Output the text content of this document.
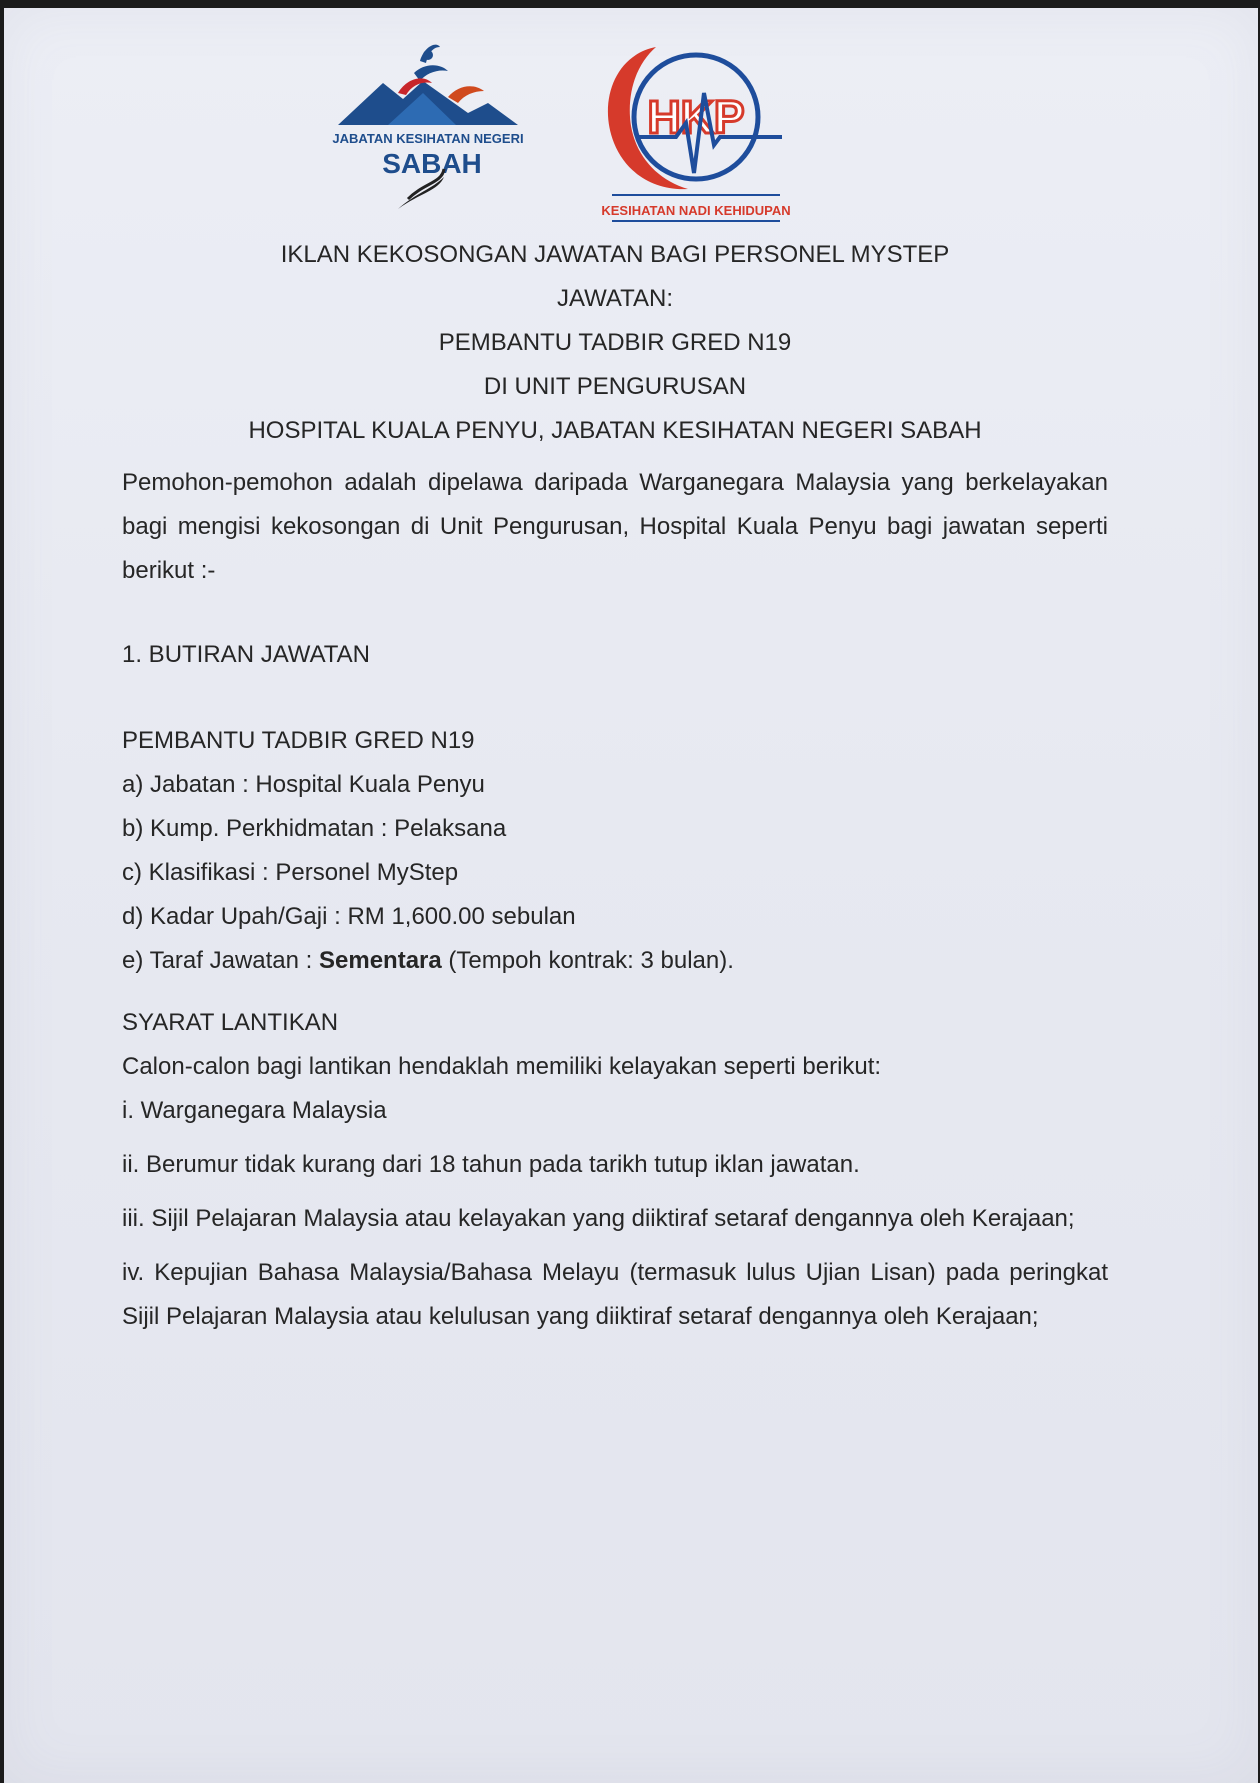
JABATAN KESIHATAN NEGERI
SABAH
HKP
KESIHATAN NADI KEHIDUPAN
IKLAN KEKOSONGAN JAWATAN BAGI PERSONEL MYSTEP
JAWATAN:
PEMBANTU TADBIR GRED N19
DI UNIT PENGURUSAN
HOSPITAL KUALA PENYU, JABATAN KESIHATAN NEGERI SABAH

Pemohon-pemohon adalah dipelawa daripada Warganegara Malaysia yang berkelayakan bagi mengisi kekosongan di Unit Pengurusan, Hospital Kuala Penyu bagi jawatan seperti berikut :-

1. BUTIRAN JAWATAN
PEMBANTU TADBIR GRED N19
a) Jabatan : Hospital Kuala Penyu
b) Kump. Perkhidmatan : Pelaksana
c) Klasifikasi : Personel MyStep
d) Kadar Upah/Gaji : RM 1,600.00 sebulan
e) Taraf Jawatan : Sementara (Tempoh kontrak: 3 bulan).
SYARAT LANTIKAN
Calon-calon bagi lantikan hendaklah memiliki kelayakan seperti berikut:
i. Warganegara Malaysia
ii. Berumur tidak kurang dari 18 tahun pada tarikh tutup iklan jawatan.

iii. Sijil Pelajaran Malaysia atau kelayakan yang diiktiraf setaraf dengannya oleh Kerajaan;

iv. Kepujian Bahasa Malaysia/Bahasa Melayu (termasuk lulus Ujian Lisan) pada peringkat Sijil Pelajaran Malaysia atau kelulusan yang diiktiraf setaraf dengannya oleh Kerajaan;
